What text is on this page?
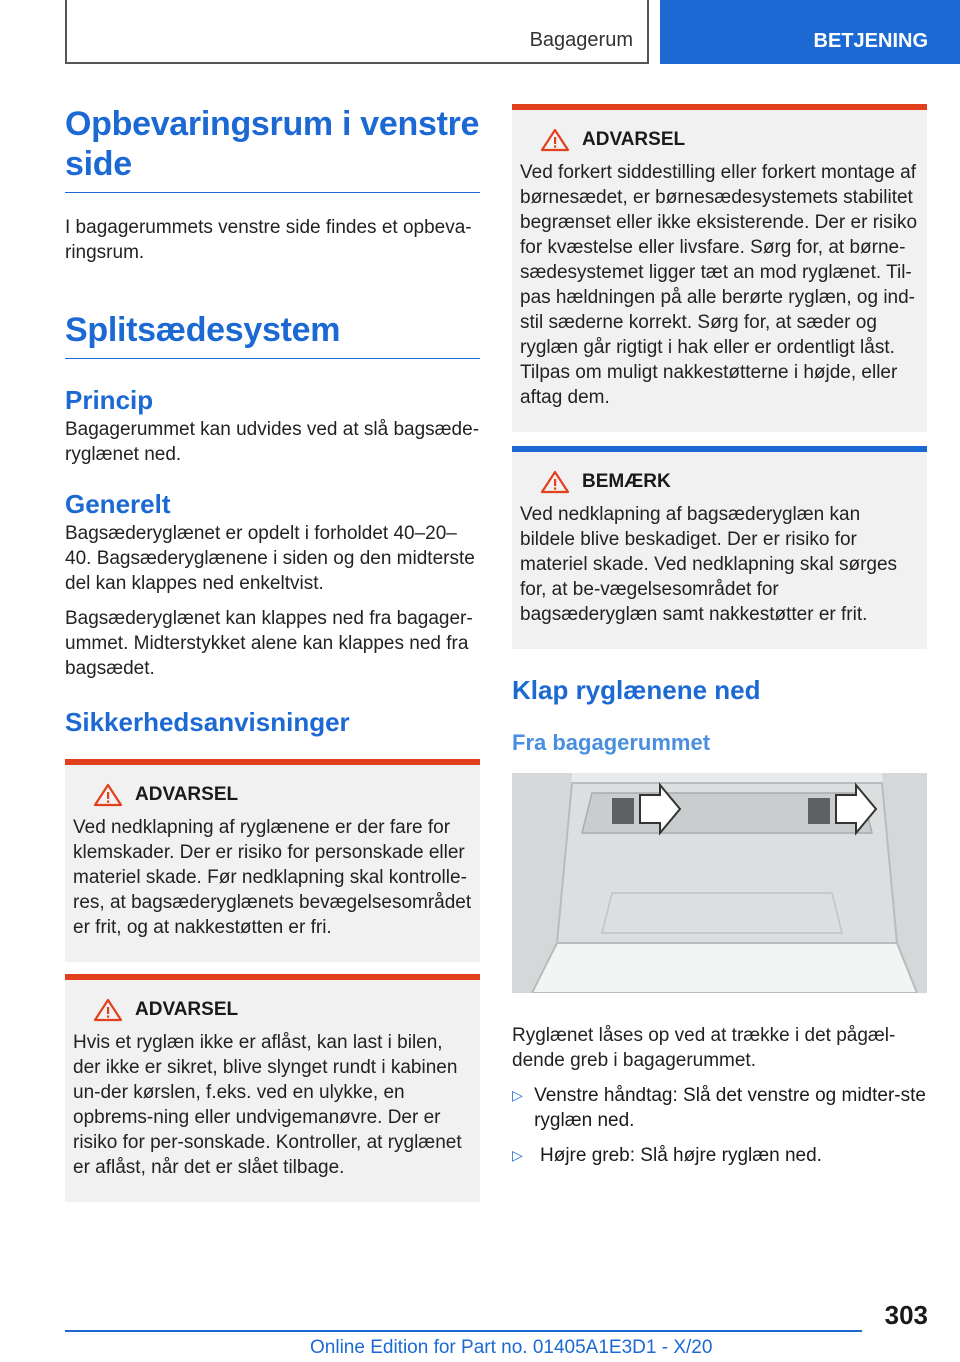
Bagagerum	BETJENING
Opbevaringsrum i venstre side

I bagagerummets venstre side findes et opbeva-ringsrum.

Splitsædesystem
Princip

Bagagerummet kan udvides ved at slå bagsæde-ryglænet ned.

Generelt

Bagsæderyglænet er opdelt i forholdet 40–20–40. Bagsæderyglænene i siden og den midterste del kan klappes ned enkeltvist.

Bagsæderyglænet kan klappes ned fra bagager-ummet. Midterstykket alene kan klappes ned fra bagsædet.

Sikkerhedsanvisninger
ADVARSEL

Ved nedklapning af ryglænene er der fare for klemskader. Der er risiko for personskade eller materiel skade. Før nedklapning skal kontrolle-res, at bagsæderyglænets bevægelsesområdet er frit, og at nakkestøtten er fri.

ADVARSEL

Hvis et ryglæn ikke er aflåst, kan last i bilen, der ikke er sikret, blive slynget rundt i kabinen un-der kørslen, f.eks. ved en ulykke, en opbrems-ning eller undvigemanøvre. Der er risiko for per-sonskade. Kontroller, at ryglænet er aflåst, når det er slået tilbage.

ADVARSEL

Ved forkert siddestilling eller forkert montage af børnesædet, er børnesædesystemets stabilitet begrænset eller ikke eksisterende. Der er risiko for kvæstelse eller livsfare. Sørg for, at børne-sædesystemet ligger tæt an mod ryglænet. Til-pas hældningen på alle berørte ryglæn, og ind-stil sæderne korrekt. Sørg for, at sæder og ryglæn går rigtigt i hak eller er ordentligt låst. Tilpas om muligt nakkestøtterne i højde, eller aftag dem.

BEMÆRK

Ved nedklapning af bagsæderyglæn kan bildele blive beskadiget. Der er risiko for materiel skade. Ved nedklapning skal sørges for, at be-vægelsesområdet for bagsæderyglæn samt nakkestøtter er frit.

Klap ryglænene ned
Fra bagagerummet

Ryglænet låses op ved at trække i det pågæl-dende greb i bagagerummet.

▷ Venstre håndtag: Slå det venstre og midter-ste ryglæn ned.
▷ Højre greb: Slå højre ryglæn ned.
303
Online Edition for Part no. 01405A1E3D1 - X/20
